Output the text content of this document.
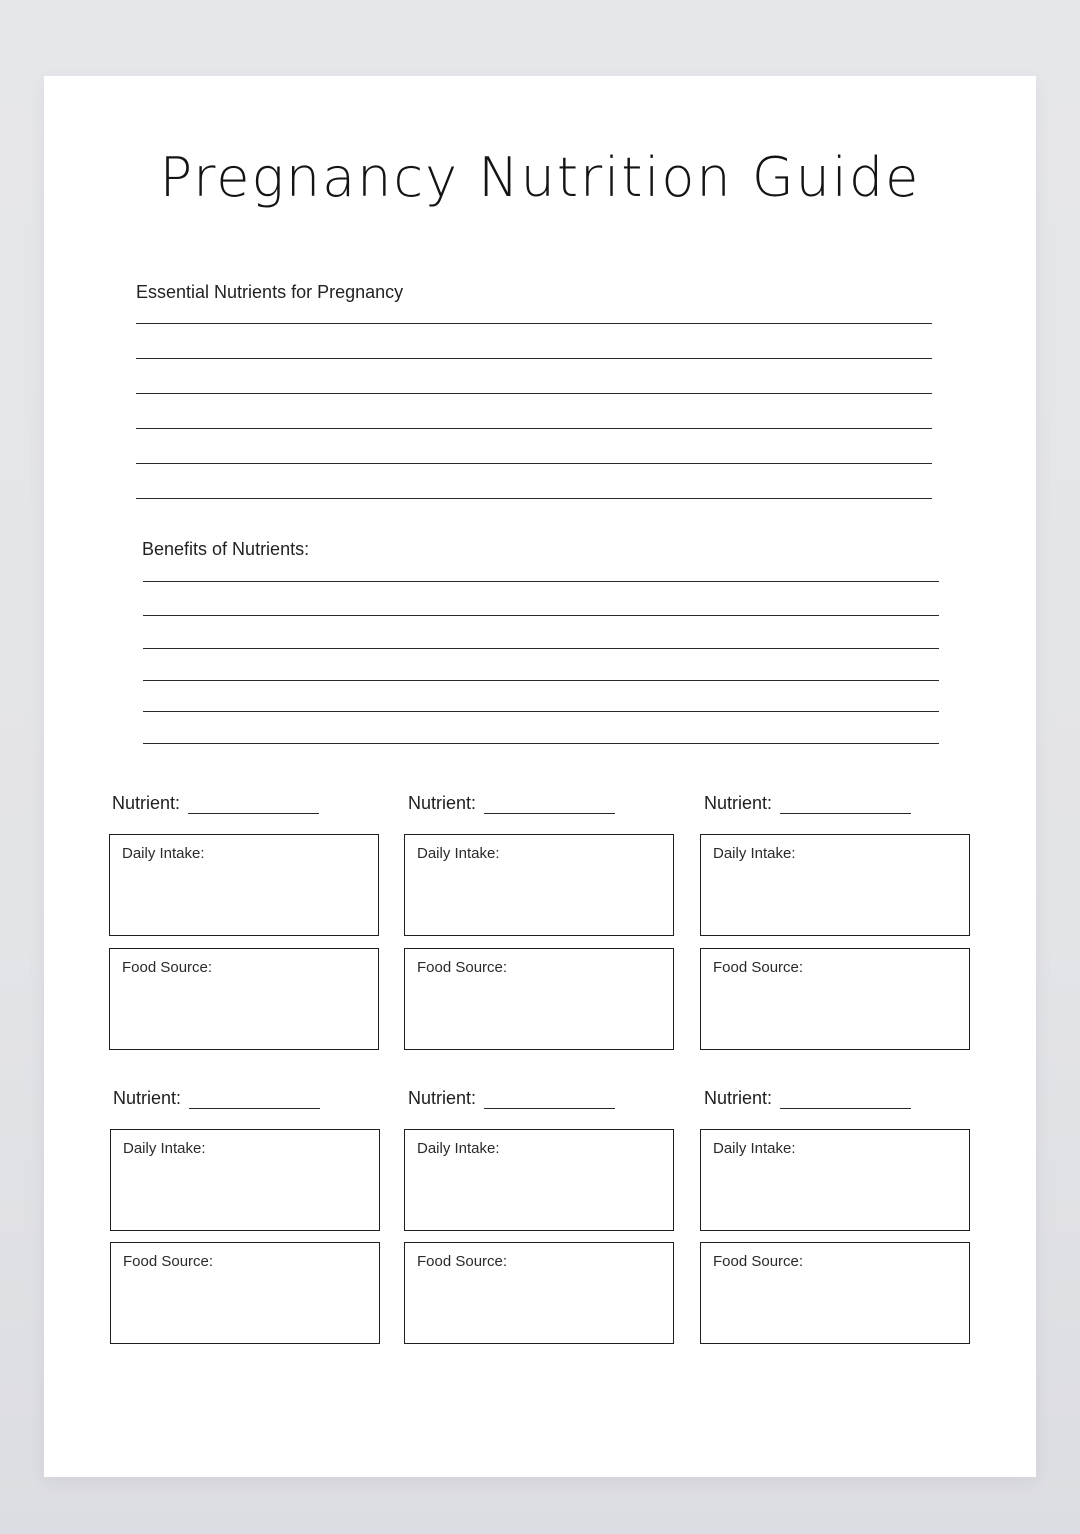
Pregnancy Nutrition Guide
Essential Nutrients for Pregnancy
Benefits of Nutrients:
Nutrient:
Daily Intake:
Food Source:
Nutrient:
Daily Intake:
Food Source:
Nutrient:
Daily Intake:
Food Source:
Nutrient:
Daily Intake:
Food Source:
Nutrient:
Daily Intake:
Food Source:
Nutrient:
Daily Intake:
Food Source:
